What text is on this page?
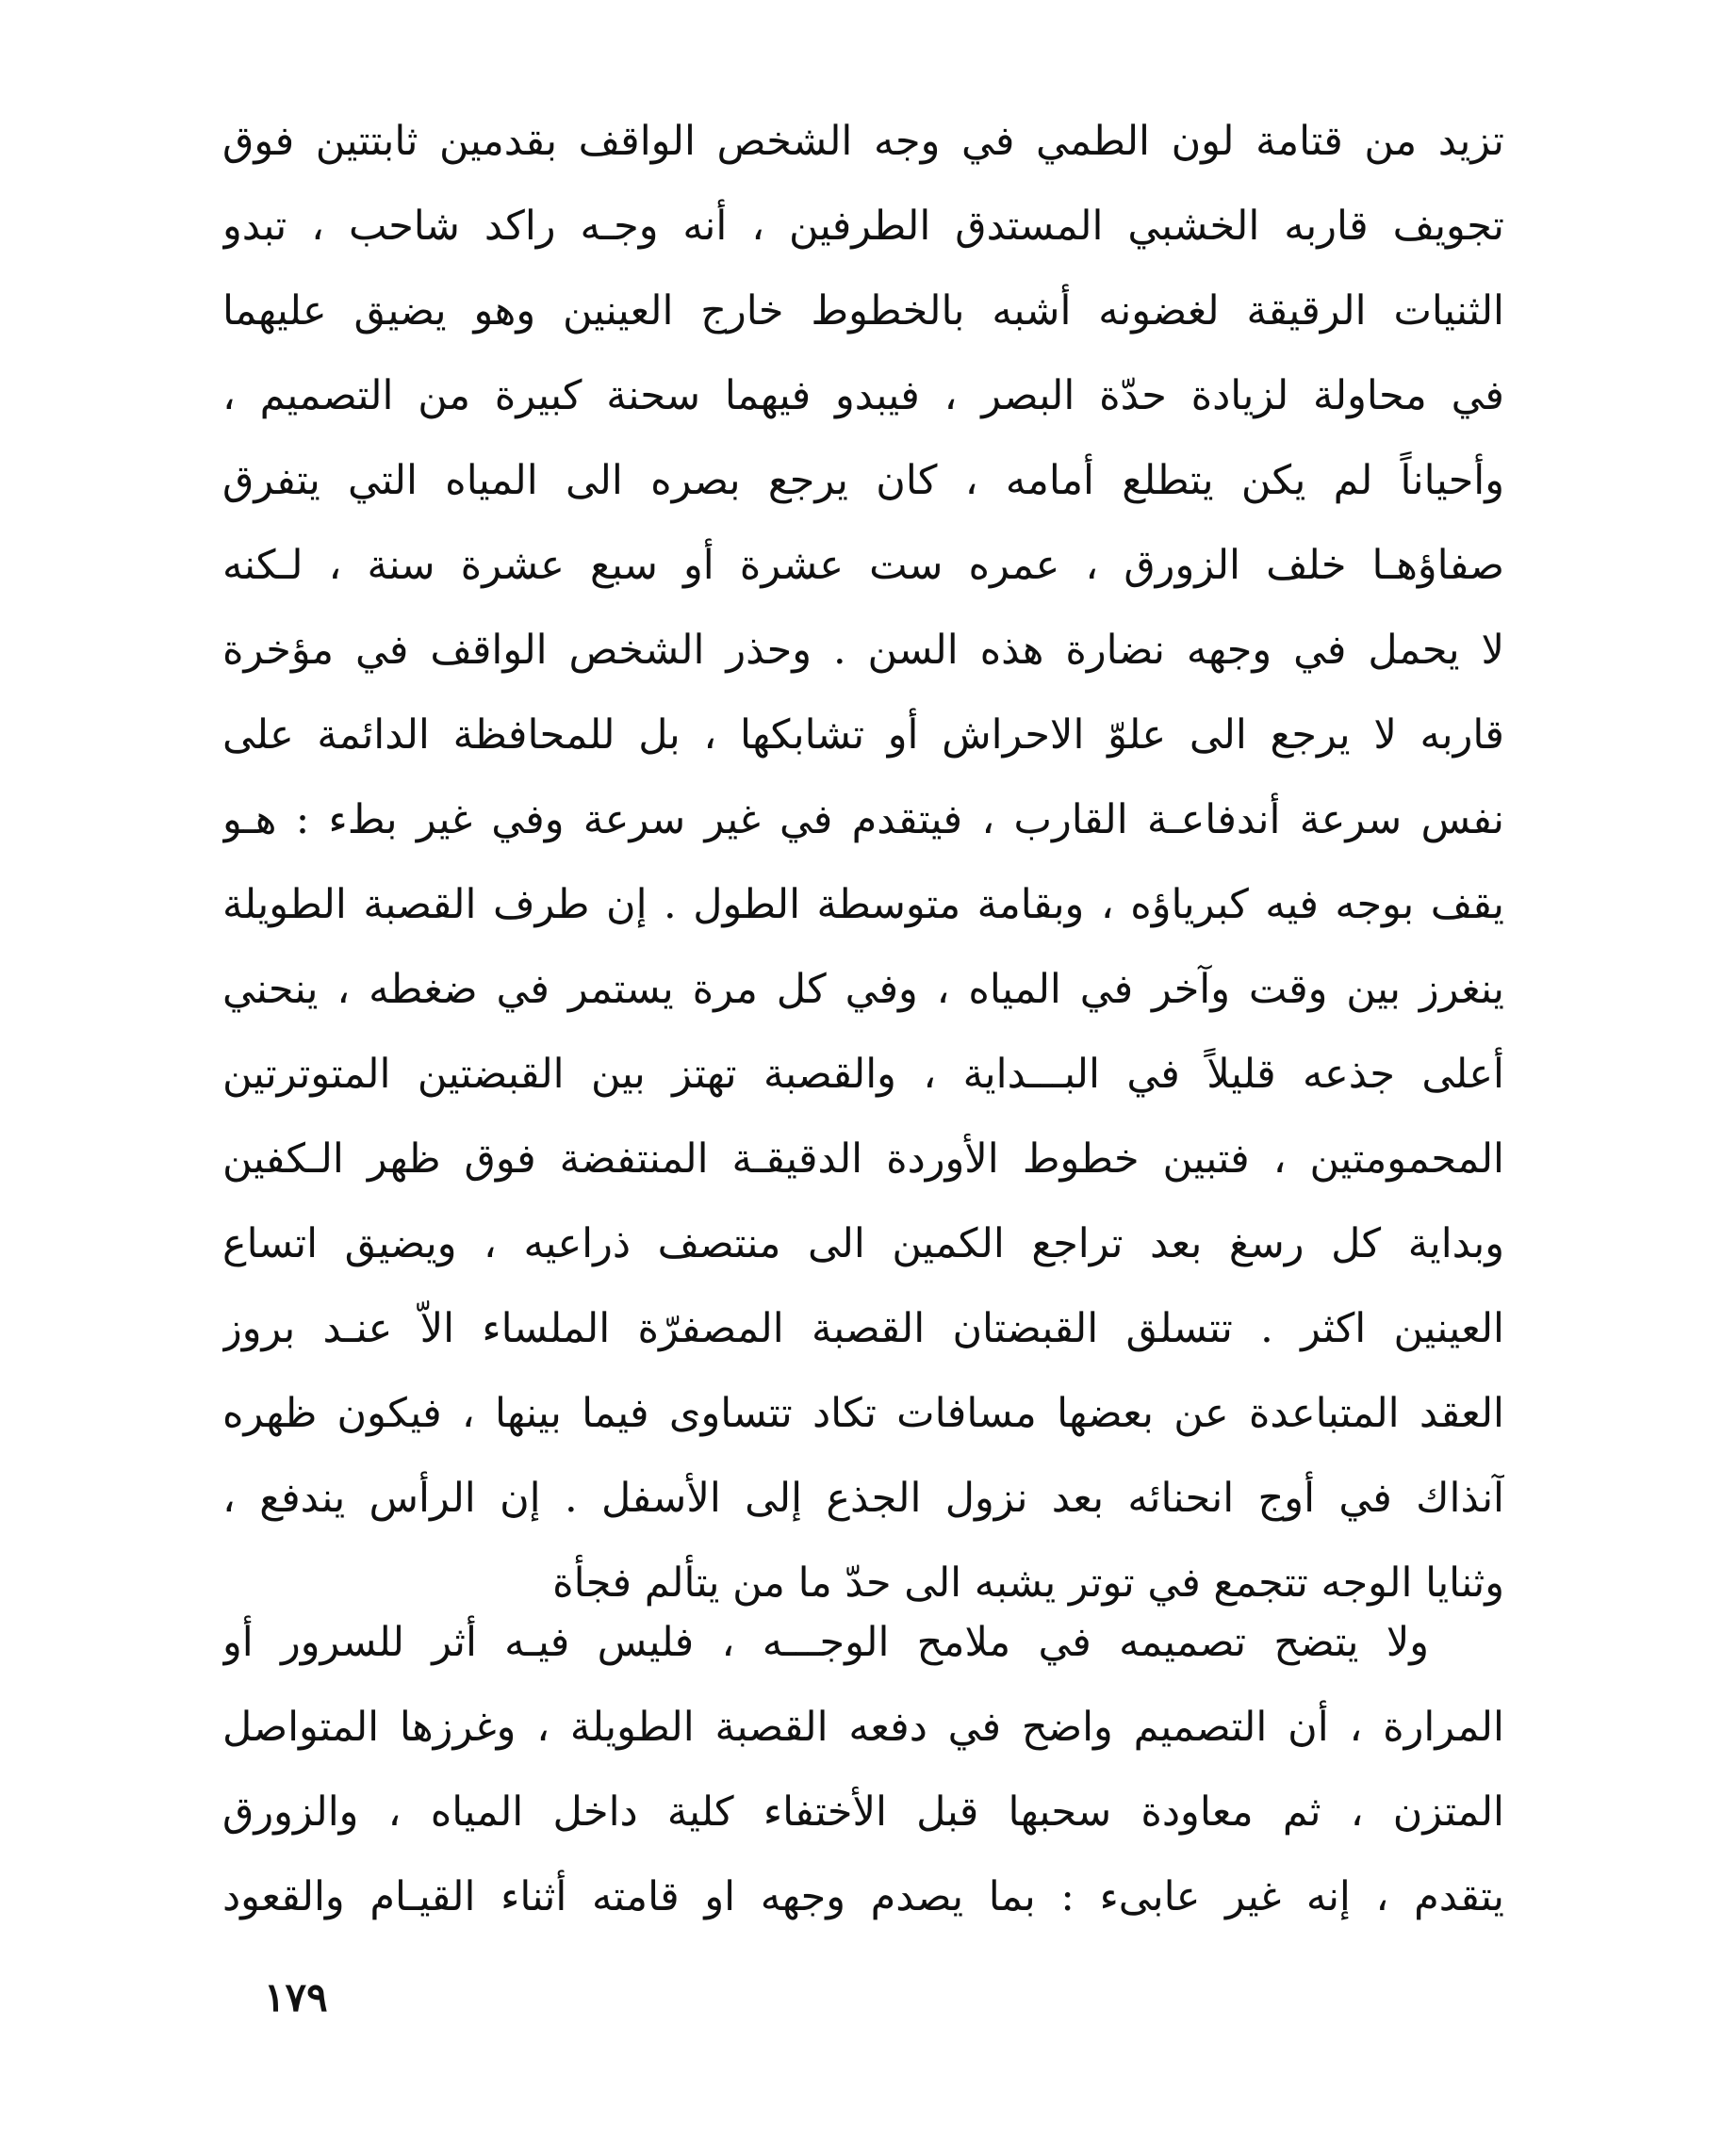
تزيد من قتامة لون الطمي في وجه الشخص الواقف بقدمين ثابتتين فوق
تجويف قاربه الخشبي المستدق الطرفين ، أنه وجـه راكد شاحب ، تبدو
الثنيات الرقيقة لغضونه أشبه بالخطوط خارج العينين وهو يضيق عليهما
في محاولة لزيادة حدّة البصر ، فيبدو فيهما سحنة كبيرة من التصميم ،
وأحياناً لم يكن يتطلع أمامه ، كان يرجع بصره الى المياه التي يتفرق
صفاؤهـا خلف الزورق ، عمره ست عشرة أو سبع عشرة سنة ، لـكنه
لا يحمل في وجهه نضارة هذه السن . وحذر الشخص الواقف في مؤخرة
قاربه لا يرجع الى علوّ الاحراش أو تشابكها ، بل للمحافظة الدائمة على
نفس سرعة أندفاعـة القارب ، فيتقدم في غير سرعة وفي غير بطء : هـو
يقف بوجه فيه كبرياؤه ، وبقامة متوسطة الطول . إن طرف القصبة الطويلة
ينغرز بين وقت وآخر في المياه ، وفي كل مرة يستمر في ضغطه ، ينحني
أعلى جذعه قليلاً في البـــداية ، والقصبة تهتز بين القبضتين المتوترتين
المحمومتين ، فتبين خطوط الأوردة الدقيقـة المنتفضة فوق ظهر الـكفين
وبداية كل رسغ بعد تراجع الكمين الى منتصف ذراعيه ، ويضيق اتساع
العينين اكثر . تتسلق القبضتان القصبة المصفرّة الملساء الاّ عنـد بروز
العقد المتباعدة عن بعضها مسافات تكاد تتساوى فيما بينها ، فيكون ظهره
آنذاك في أوج انحنائه بعد نزول الجذع إلى الأسفل . إن الرأس يندفع ،
وثنايا الوجه تتجمع في توتر يشبه الى حدّ ما من يتألم فجأة
ولا يتضح تصميمه في ملامح الوجـــه ، فليس فيـه أثر للسرور أو
المرارة ، أن التصميم واضح في دفعه القصبة الطويلة ، وغرزها المتواصل
المتزن ، ثم معاودة سحبها قبل الأختفاء كلية داخل المياه ، والزورق
يتقدم ، إنه غير عابىء : بما يصدم وجهه او قامته أثناء القيـام والقعود
١٧٩
